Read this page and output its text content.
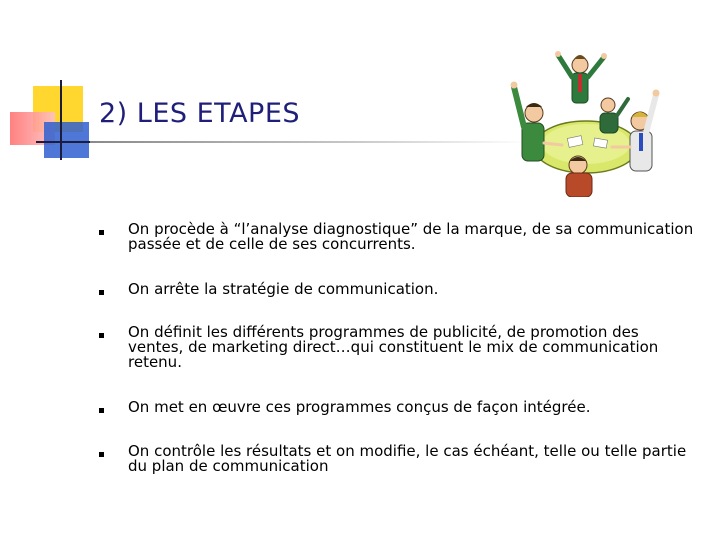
2) LES ETAPES

On procède à “l’analyse diagnostique” de la marque, de sa communication passée et de celle de ses concurrents.

On arrête la stratégie de communication.

On définit les différents programmes de publicité, de promotion des ventes, de marketing direct…qui constituent le mix de communication retenu.

On met en œuvre ces programmes conçus de façon intégrée.

On contrôle les résultats et on modifie, le cas échéant, telle ou telle partie du plan de communication
